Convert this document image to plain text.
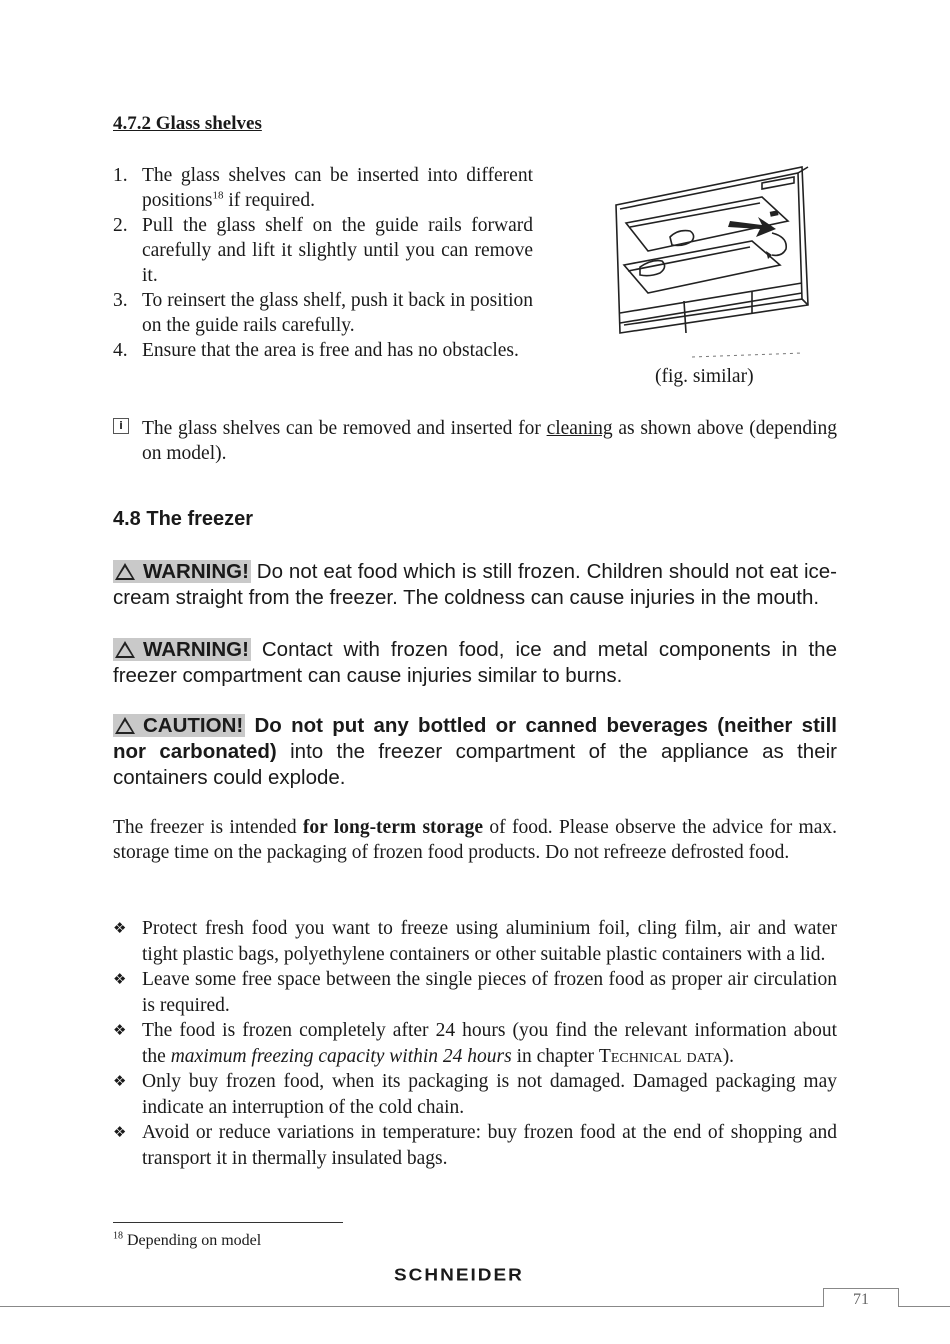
4.7.2 Glass shelves
1. The glass shelves can be inserted into different positions$^{18}$ if required.
2. Pull the glass shelf on the guide rails forward carefully and lift it slightly until you can remove it.
3. To reinsert the glass shelf, push it back in position on the guide rails carefully.
4. Ensure that the area is free and has no obstacles.
(fig. similar)
i The glass shelves can be removed and inserted for cleaning as shown above (depending on model).
4.8 The freezer
WARNING! Do not eat food which is still frozen. Children should not eat ice-cream straight from the freezer. The coldness can cause injuries in the mouth.
WARNING! Contact with frozen food, ice and metal components in the freezer compartment can cause injuries similar to burns.
CAUTION! Do not put any bottled or canned beverages (neither still nor carbonated) into the freezer compartment of the appliance as their containers could explode.
The freezer is intended for long-term storage of food. Please observe the advice for max. storage time on the packaging of frozen food products. Do not refreeze defrosted food.
❖ Protect fresh food you want to freeze using aluminium foil, cling film, air and water tight plastic bags, polyethylene containers or other suitable plastic containers with a lid.
❖ Leave some free space between the single pieces of frozen food as proper air circulation is required.
❖ The food is frozen completely after 24 hours (you find the relevant information about the maximum freezing capacity within 24 hours in chapter Technical data).
❖ Only buy frozen food, when its packaging is not damaged. Damaged packaging may indicate an interruption of the cold chain.
❖ Avoid or reduce variations in temperature: buy frozen food at the end of shopping and transport it in thermally insulated bags.
$^{18}$ Depending on model
SCHNEIDER
71
